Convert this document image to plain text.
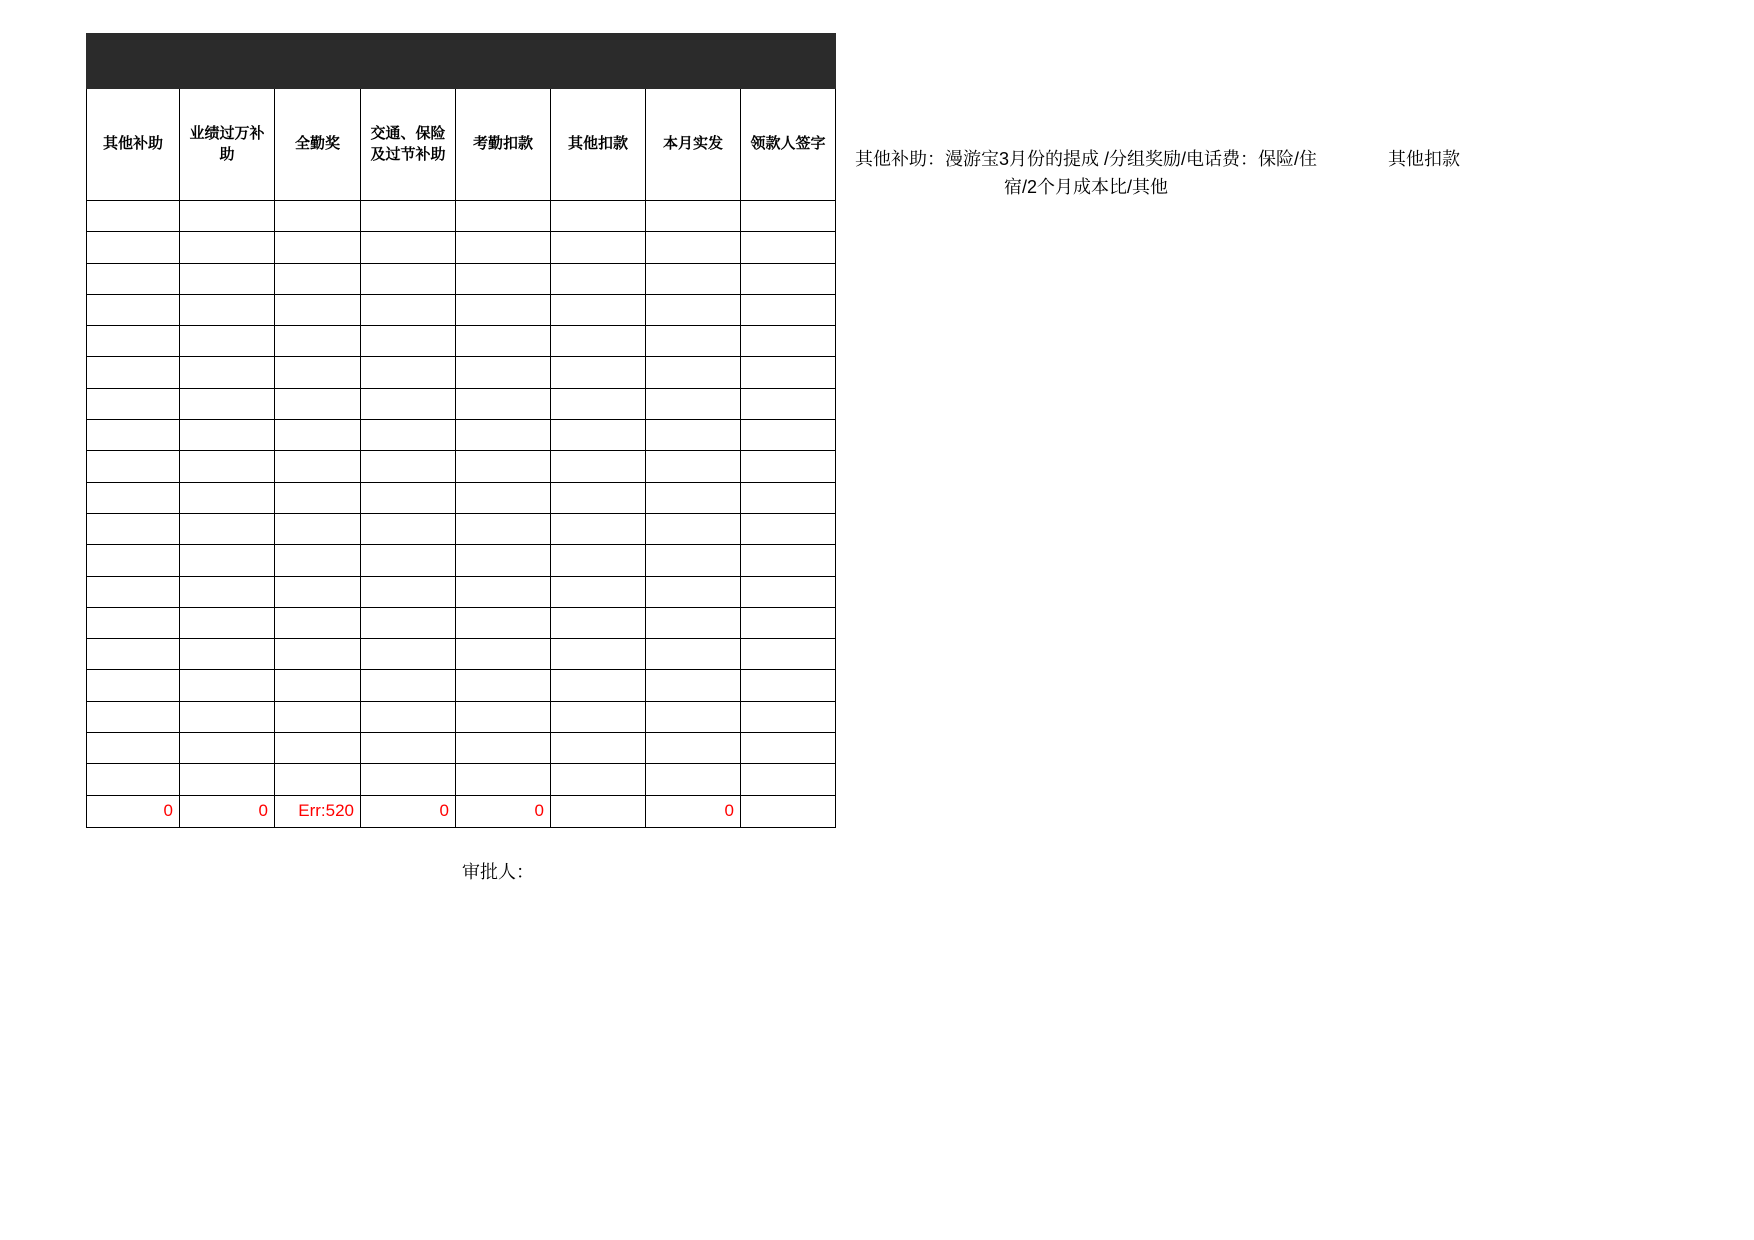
其他补助	业绩过万补助	全勤奖	交通、保险及过节补助	考勤扣款	其他扣款	本月实发	领款人签字

0	0	Err:520	0	0		0	
其他补助：漫游宝3月份的提成 /分组奖励/电话费：保险/住宿/2个月成本比/其他
其他扣款
审批人：
